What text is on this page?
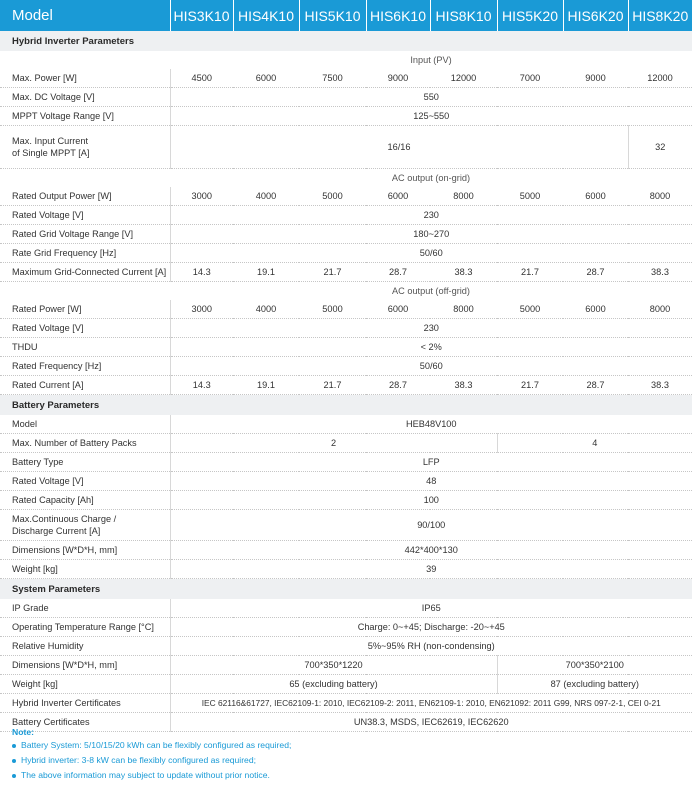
Model	HIS3K10	HIS4K10	HIS5K10	HIS6K10	HIS8K10	HIS5K20	HIS6K20	HIS8K20
Hybrid Inverter Parameters								
	Input (PV)							
Max. Power [W]	4500	6000	7500	9000	12000	7000	9000	12000
Max. DC Voltage [V]	550							
MPPT Voltage Range [V]	125~550							
Max. Input Current
of Single MPPT [A]	16/16							32
	AC output (on-grid)							
Rated Output Power [W]	3000	4000	5000	6000	8000	5000	6000	8000
Rated Voltage [V]	230							
Rated Grid Voltage Range [V]	180~270							
Rate Grid Frequency [Hz]	50/60							
Maximum Grid-Connected Current [A]	14.3	19.1	21.7	28.7	38.3	21.7	28.7	38.3
	AC output (off-grid)							
Rated Power [W]	3000	4000	5000	6000	8000	5000	6000	8000
Rated Voltage [V]	230							
THDU	< 2%							
Rated Frequency [Hz]	50/60							
Rated Current [A]	14.3	19.1	21.7	28.7	38.3	21.7	28.7	38.3
Battery Parameters								
Model	HEB48V100							
Max. Number of Battery Packs	2					4		
Battery Type	LFP							
Rated Voltage [V]	48							
Rated Capacity [Ah]	100							
Max.Continuous Charge /
Discharge Current [A]	90/100							
Dimensions [W*D*H, mm]	442*400*130							
Weight [kg]	39							
System Parameters								
IP Grade	IP65							
Operating Temperature Range [°C]	Charge: 0~+45; Discharge: -20~+45							
Relative Humidity	5%~95% RH (non-condensing)							
Dimensions [W*D*H, mm]	700*350*1220					700*350*2100		
Weight [kg]	65 (excluding battery)					87 (excluding battery)		
Hybrid Inverter Certificates	IEC 62116&61727, IEC62109-1: 2010, IEC62109-2: 2011, EN62109-1: 2010, EN621092: 2011 G99, NRS 097-2-1, CEI 0-21							
Battery Certificates	UN38.3, MSDS, IEC62619, IEC62620							
Note:
Battery System: 5/10/15/20 kWh can be flexibly configured as required;
Hybrid inverter: 3-8 kW can be flexibly configured as required;
The above information may subject to update without prior notice.
